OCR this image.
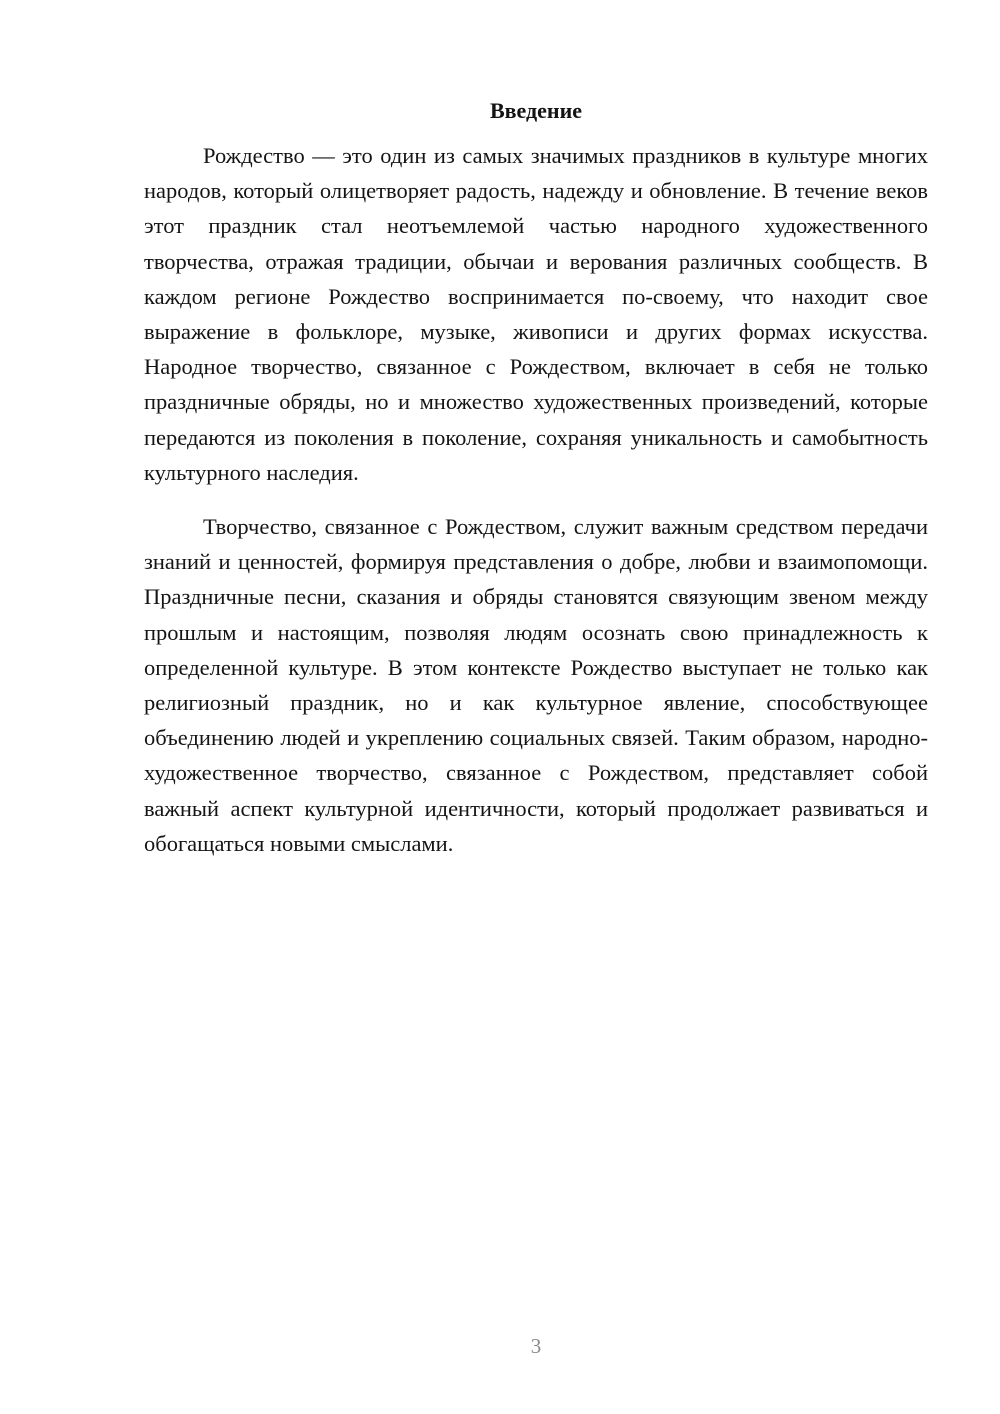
Введение

Рождество — это один из самых значимых праздников в культуре многих народов, который олицетворяет радость, надежду и обновление. В течение веков этот праздник стал неотъемлемой частью народного художественного творчества, отражая традиции, обычаи и верования различных сообществ. В каждом регионе Рождество воспринимается по-своему, что находит свое выражение в фольклоре, музыке, живописи и других формах искусства. Народное творчество, связанное с Рождеством, включает в себя не только праздничные обряды, но и множество художественных произведений, которые передаются из поколения в поколение, сохраняя уникальность и самобытность культурного наследия.

Творчество, связанное с Рождеством, служит важным средством передачи знаний и ценностей, формируя представления о добре, любви и взаимопомощи. Праздничные песни, сказания и обряды становятся связующим звеном между прошлым и настоящим, позволяя людям осознать свою принадлежность к определенной культуре. В этом контексте Рождество выступает не только как религиозный праздник, но и как культурное явление, способствующее объединению людей и укреплению социальных связей. Таким образом, народно-художественное творчество, связанное с Рождеством, представляет собой важный аспект культурной идентичности, который продолжает развиваться и обогащаться новыми смыслами.

3
